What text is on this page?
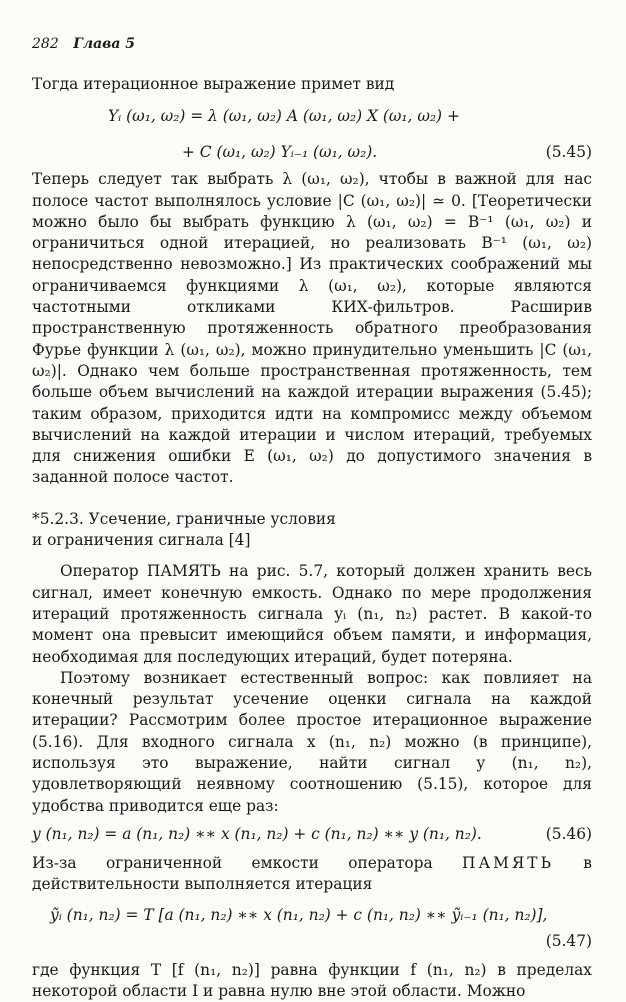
282 Глава 5

Тогда итерационное выражение примет вид

Yᵢ (ω₁, ω₂) = λ (ω₁, ω₂) A (ω₁, ω₂) X (ω₁, ω₂) +
+ C (ω₁, ω₂) Yᵢ₋₁ (ω₁, ω₂).	(5.45)

Теперь следует так выбрать λ (ω₁, ω₂), чтобы в важной для нас полосе частот выполнялось условие |C (ω₁, ω₂)| ≃ 0. [Теоретически можно было бы выбрать функцию λ (ω₁, ω₂) = B⁻¹ (ω₁, ω₂) и ограничиться одной итерацией, но реализовать B⁻¹ (ω₁, ω₂) непосредственно невозможно.] Из практических соображений мы ограничиваемся функциями λ (ω₁, ω₂), которые являются частотными откликами КИХ-фильтров. Расширив пространственную протяженность обратного преобразования Фурье функции λ (ω₁, ω₂), можно принудительно уменьшить |C (ω₁, ω₂)|. Однако чем больше пространственная протяженность, тем больше объем вычислений на каждой итерации выражения (5.45); таким образом, приходится идти на компромисс между объемом вычислений на каждой итерации и числом итераций, требуемых для снижения ошибки E (ω₁, ω₂) до допустимого значения в заданной полосе частот.

*5.2.3. Усечение, граничные условия
и ограничения сигнала [4]

Оператор ПАМЯТЬ на рис. 5.7, который должен хранить весь сигнал, имеет конечную емкость. Однако по мере продолжения итераций протяженность сигнала yᵢ (n₁, n₂) растет. В какой-то момент она превысит имеющийся объем памяти, и информация, необходимая для последующих итераций, будет потеряна.

Поэтому возникает естественный вопрос: как повлияет на конечный результат усечение оценки сигнала на каждой итерации? Рассмотрим более простое итерационное выражение (5.16). Для входного сигнала x (n₁, n₂) можно (в принципе), используя это выражение, найти сигнал y (n₁, n₂), удовлетворяющий неявному соотношению (5.15), которое для удобства приводится еще раз:

y (n₁, n₂) = a (n₁, n₂) ∗∗ x (n₁, n₂) + c (n₁, n₂) ∗∗ y (n₁, n₂).	(5.46)

Из-за ограниченной емкости оператора ПАМЯТЬ в действительности выполняется итерация

ỹᵢ (n₁, n₂) = T [a (n₁, n₂) ∗∗ x (n₁, n₂) + c (n₁, n₂) ∗∗ ỹᵢ₋₁ (n₁, n₂)],
(5.47)

где функция T [f (n₁, n₂)] равна функции f (n₁, n₂) в пределах некоторой области I и равна нулю вне этой области. Можно
